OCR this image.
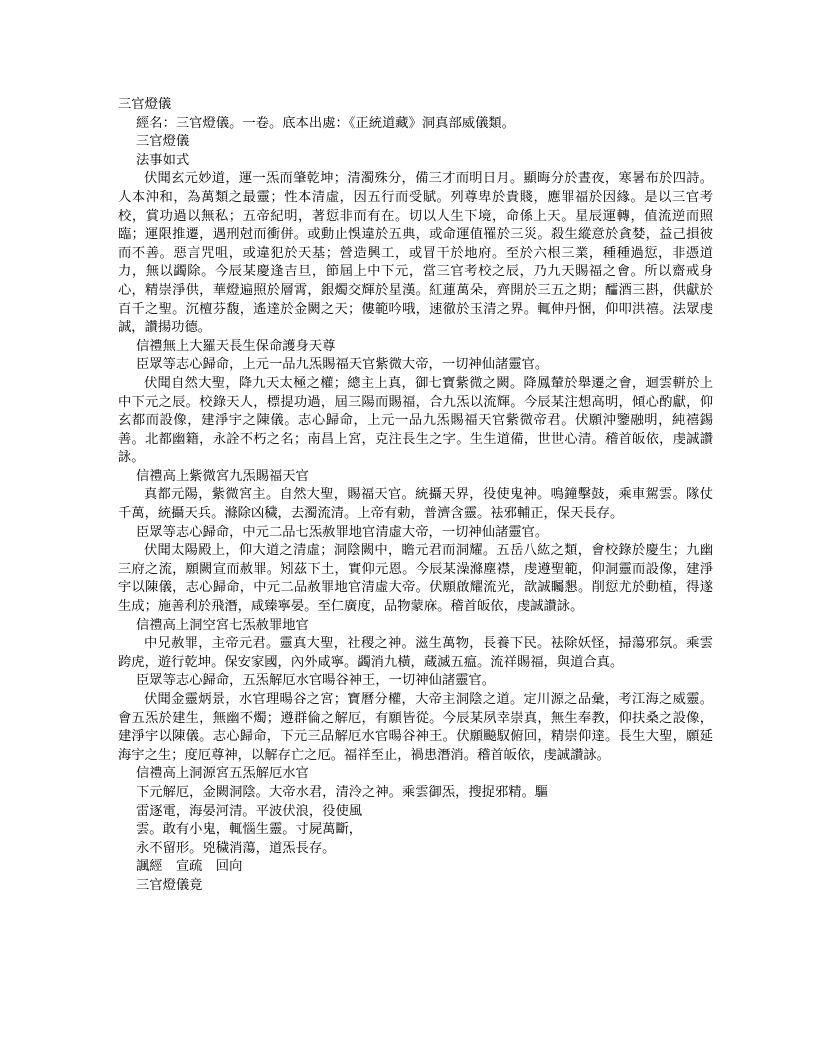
三官燈儀

經名：三官燈儀。一卷。底本出處：《正統道藏》洞真部威儀類。

三官燈儀

法事如式

伏聞玄元妙道，運一炁而肇乾坤；清濁殊分，備三才而明日月。顯晦分於晝夜，寒暑布於四詩。人本沖和，為萬類之最靈；性本清虛，因五行而受賦。列尊卑於貴賤，應罪福於因緣。是以三官考校，賞功過以無私；五帝紀明，著愆非而有在。切以人生下境，命係上天。星辰運轉，值流逆而照臨；運限推遷，遇刑尅而衝併。或動止悞違於五典，或命運值罹於三災。殺生縱意於貪婪，益己損彼而不善。惡言咒咀，或違犯於天基；營造興工，或冒干於地府。至於六根三業，種種過愆，非憑道力，無以蠲除。今辰某慶逢吉旦，節屆上中下元，當三官考校之辰，乃九天賜福之會。所以齋戒身心，精崇淨供，華燈遍照於層霄，銀燭交輝於星漢。紅蓮萬朵，齊開於三五之期；醽酒三斟，供獻於百千之聖。沉檀芬馥，遙達於金闕之天；僂範吟哦，速徹於玉清之界。輒伸丹悃，仰叩洪禧。法眾虔誠，讚揚功德。

信禮無上大羅天長生保命護身天尊

臣眾等志心歸命，上元一品九炁賜福天官紫微大帝，一切神仙諸靈官。

伏聞自然大聖，降九天太極之權；總主上真，御七寶紫微之闕。降鳳輦於舉遷之會，迴雲軿於上中下元之辰。校錄天人，標提功過，屆三陽而賜福，合九炁以流輝。今辰某注想高明，傾心酌獻，仰玄都而設像，建淨宇之陳儀。志心歸命，上元一品九炁賜福天官紫微帝君。伏願沖鑒融明，純禧錫善。北都幽籍，永詮不朽之名；南昌上宮，克注長生之字。生生道備，世世心清。稽首皈依，虔誠讚詠。

信禮高上紫微宮九炁賜福天官

真都元陽，紫微宮主。自然大聖，賜福天官。統攝天界，役使鬼神。鳴鐘擊鼓，乘車駕雲。隊仗千萬，統攝天兵。滌除凶穢，去濁流清。上帝有勅，普濟含靈。袪邪輔正，保天長存。

臣眾等志心歸命，中元二品七炁赦罪地官清虛大帝，一切神仙諸靈官。

伏聞太陽殿上，仰大道之清虛；洞陰闕中，瞻元君而洞耀。五岳八紘之類，會校錄於慶生；九幽三府之流，願闕宣而赦罪。矧茲下土，實仰元恩。今辰某澡滌塵襟，虔遵聖範，仰洞靈而設像，建淨宇以陳儀，志心歸命，中元二品赦罪地官清虛大帝。伏願啟耀流光，歆誠矚懇。削愆尤於動植，得遂生成；施善利於飛潛，咸臻寧晏。至仁廣度，品物蒙庥。稽首皈依，虔誠讚詠。

信禮高上洞空宮七炁赦罪地官

中兄赦罪，主帝元君。靈真大聖，社稷之神。滋生萬物，長養下民。袪除妖怪，掃蕩邪氛。乘雲跨虎，遊行乾坤。保安家國，內外咸寧。蠲消九橫，蔵滅五瘟。流祥賜福，與道合真。

臣眾等志心歸命，五炁解厄水官暘谷神王，一切神仙諸靈官。

伏聞金靈炳景，水官理暘谷之宮；寶曆分權，大帝主洞陰之道。定川源之品彙，考江海之威靈。會五炁於建生，無幽不燭；遵群倫之解厄，有願皆從。今辰某夙幸崇真，無生奉教，仰扶桑之設像，建淨宇以陳儀。志心歸命，下元三品解厄水官暘谷神王。伏願飈馭俯回，精崇仰達。長生大聖，願延海宇之生；度厄尊神，以解存亡之厄。福祥至止，禍患潛消。稽首皈依，虔誠讚詠。

信禮高上洞源宮五炁解厄水官

下元解厄，金闕洞陰。大帝水君，清泠之神。乘雲御炁，搜捉邪精。驅

雷逐電，海晏河清。平波伏浪，役使風

雲。敢有小鬼，輒惱生靈。寸屍萬斷，

永不留形。兇穢消蕩，道炁長存。

諷經　宣疏　回向

三官燈儀竟
